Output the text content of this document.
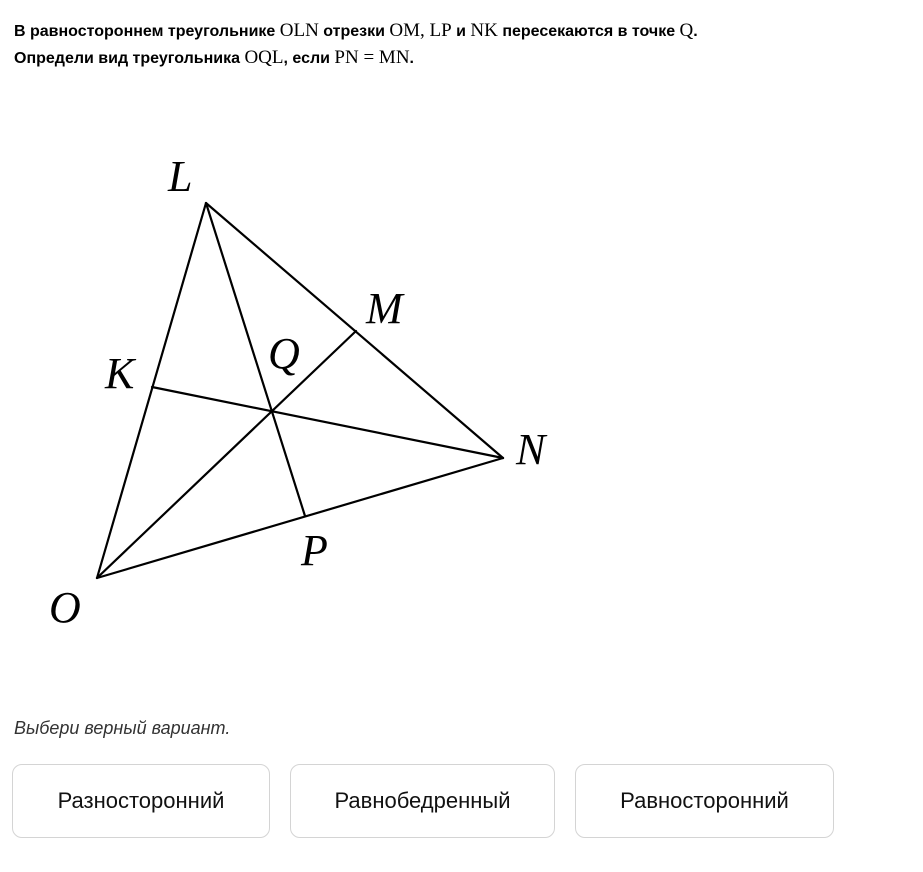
В равностороннем треугольнике OLN отрезки OM, LP и NK пересекаются в точке Q.
Определи вид треугольника OQL, если PN = MN.
L
M
K	Q
N
P
O
Выбери верный вариант.
Разносторонний	Равнобедренный	Равносторонний
